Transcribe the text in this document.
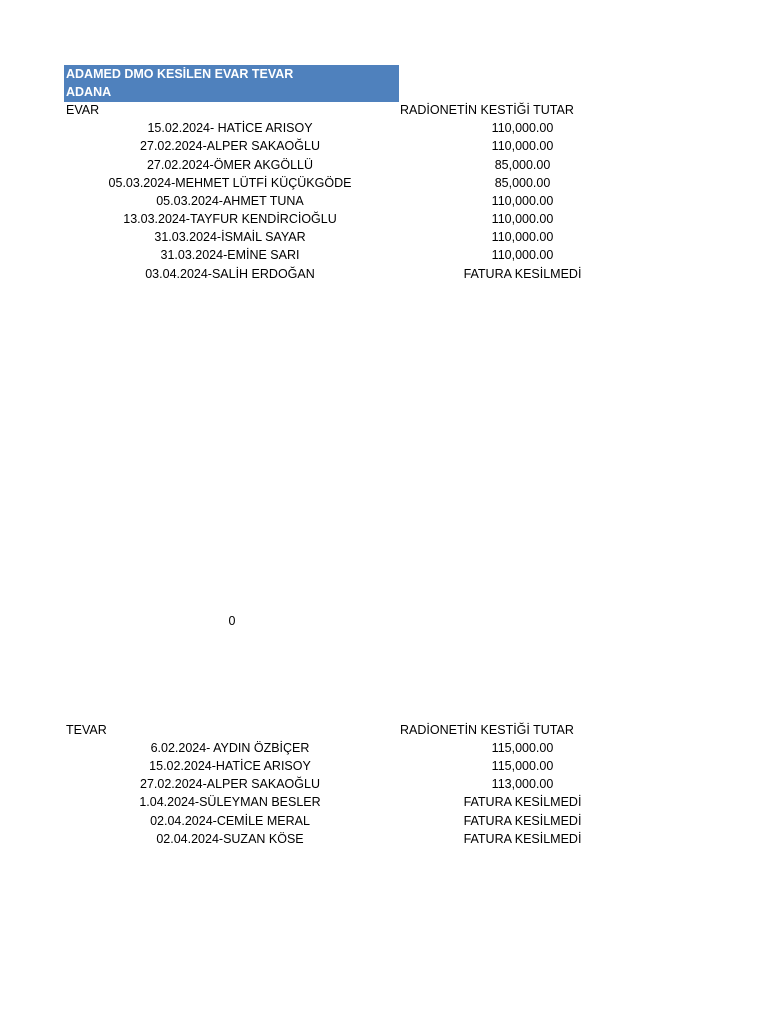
ADAMED DMO KESİLEN EVAR TEVAR
ADANA
EVAR	RADİONETİN KESTİĞİ TUTAR
15.02.2024- HATİCE ARISOY	110,000.00
27.02.2024-ALPER SAKAOĞLU	110,000.00
27.02.2024-ÖMER AKGÖLLÜ	85,000.00
05.03.2024-MEHMET LÜTFİ KÜÇÜKGÖDE	85,000.00
05.03.2024-AHMET TUNA	110,000.00
13.03.2024-TAYFUR KENDİRCİOĞLU	110,000.00
31.03.2024-İSMAİL SAYAR	110,000.00
31.03.2024-EMİNE SARI	110,000.00
03.04.2024-SALİH ERDOĞAN	FATURA KESİLMEDİ
0
TEVAR	RADİONETİN KESTİĞİ TUTAR
6.02.2024- AYDIN ÖZBİÇER	115,000.00
15.02.2024-HATİCE ARISOY	115,000.00
27.02.2024-ALPER SAKAOĞLU	113,000.00
1.04.2024-SÜLEYMAN BESLER	FATURA KESİLMEDİ
02.04.2024-CEMİLE MERAL	FATURA KESİLMEDİ
02.04.2024-SUZAN KÖSE	FATURA KESİLMEDİ
